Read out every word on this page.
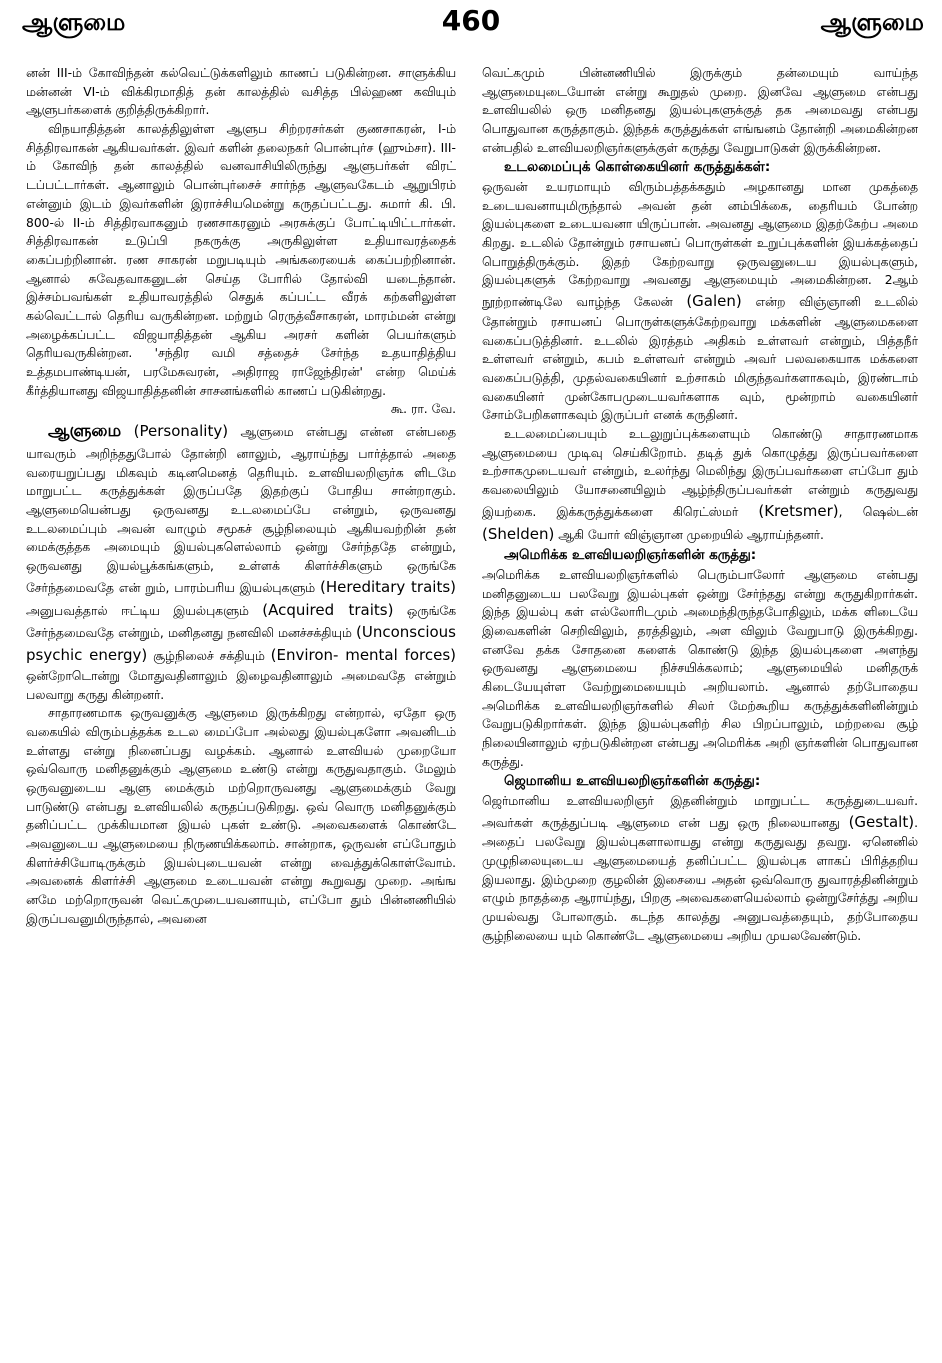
ஆளுமை	460	ஆளுமை

னன் III-ம் கோவிந்தன் கல்வெட்டுக்களிலும் காணப் படுகின்றன. சாளுக்கிய மன்னன் VI-ம் விக்கிரமாதித் தன் காலத்தில் வசித்த பில்ஹண கவியும் ஆளுபர்களைக் குறித்திருக்கிறார்.

விநயாதித்தன் காலத்திலுள்ள ஆளுப சிற்றரசர்கள் குணசாகரன், I-ம் சித்திரவாகன் ஆகியவர்கள். இவர் களின் தலைநகர் பொன்புர்ச (ஹும்சா). III-ம் கோவிந் தன் காலத்தில் வனவாசியிலிருந்து ஆளுபர்கள் விரட் டப்பட்டார்கள். ஆனாலும் பொன்புர்சைச் சார்ந்த ஆளுவகேடம் ஆறுபிரம் என்னும் இடம் இவர்களின் இராச்சியமென்று கருதப்பட்டது. சுமார் கி. பி. 800-ல் II-ம் சித்திரவாகனும் ரணசாகரனும் அரசுக்குப் போட்டியிட்டார்கள். சித்திரவாகன் உடுப்பி நகருக்கு அருகிலுள்ள உதியாவரத்தைக் கைப்பற்றினான். ரண சாகரன் மறுபடியும் அங்கரையைக் கைப்பற்றினான். ஆனால் சுவேதவாகனுடன் செய்த போரில் தோல்வி யடைந்தான். இச்சம்பவங்கள் உதியாவரத்தில் செதுக் கப்பட்ட வீரக் கற்களிலுள்ள கல்வெட்டால் தெரிய வருகின்றன. மற்றும் ரெருத்வீசாகரன், மாரம்மன் என்று அழைக்கப்பட்ட விஜயாதித்தன் ஆகிய அரசர் களின் பெயர்களும் தெரியவருகின்றன. 'சந்திர வமி சத்தைச் சேர்ந்த உதயாதித்திய உத்தமபாண்டியன், பரமேசுவரன், அதிராஜ ராஜேந்திரன்' என்ற மெய்க் கீர்த்தியானது விஜயாதித்தனின் சாசனங்களில் காணப் படுகின்றது.

கூ. ரா. வே.

ஆளுமை (Personality) ஆளுமை என்பது என்ன என்பதை யாவரும் அறிந்ததுபோல் தோன்றி னாலும், ஆராய்ந்து பார்த்தால் அதை வரையறுப்பது மிகவும் கடினமெனத் தெரியும். உளவியலறிஞர்க ளிடமே மாறுபட்ட கருத்துக்கள் இருப்பதே இதற்குப் போதிய சான்றாகும். ஆளுமையென்பது ஒருவனது உடலமைப்பே என்றும், ஒருவனது உடலமைப்பும் அவன் வாழும் சமூகச் சூழ்நிலையும் ஆகியவற்றின் தன் மைக்குத்தக அமையும் இயல்புகளெல்லாம் ஒன்று சேர்ந்ததே என்றும், ஒருவனது இயல்பூக்கங்களும், உள்ளக் கிளர்ச்சிகளும் ஒருங்கே சேர்ந்தமைவதே என் றும், பாரம்பரிய இயல்புகளும் (Hereditary traits) அனுபவத்தால் ஈட்டிய இயல்புகளும் (Acquired traits) ஒருங்கே சேர்ந்தமைவதே என்றும், மனிதனது நனவிலி மனச்சக்தியும் (Unconscious psychic energy) சூழ்நிலைச் சக்தியும் (Environ- mental forces) ஒன்றோடொன்று மோதுவதினாலும் இழைவதினாலும் அமைவதே என்றும் பலவாறு கருது கின்றனர்.

சாதாரணமாக ஒருவனுக்கு ஆளுமை இருக்கிறது என்றால், ஏதோ ஒரு வகையில் விரும்பத்தக்க உடல மைப்போ அல்லது இயல்புகளோ அவனிடம் உள்ளது என்று நினைப்பது வழக்கம். ஆனால் உளவியல் முறையோ ஒவ்வொரு மனிதனுக்கும் ஆளுமை உண்டு என்று கருதுவதாகும். மேலும் ஒருவனுடைய ஆளு மைக்கும் மற்றொருவனது ஆளுமைக்கும் வேறு பாடுண்டு என்பது உளவியலில் கருதப்படுகிறது. ஒவ் வொரு மனிதனுக்கும் தனிப்பட்ட முக்கியமான இயல் புகள் உண்டு. அவைகளைக் கொண்டே அவனுடைய ஆளுமையை நிருணயிக்கலாம். சான்றாக, ஒருவன் எப்போதும் கிளர்ச்சியோடிருக்கும் இயல்புடையவன் என்று வைத்துக்கொள்வோம். அவனைக் கிளர்ச்சி ஆளுமை உடையவன் என்று கூறுவது முறை. அங்ங னமே மற்றொருவன் வெட்கமுடையவனாயும், எப்போ தும் பின்னணியில் இருப்பவனுமிருந்தால், அவனை

வெட்கமும் பின்னணியில் இருக்கும் தன்மையும் வாய்ந்த ஆளுமையுடையோன் என்று கூறுதல் முறை. இனவே ஆளுமை என்பது உளவியலில் ஒரு மனிதனது இயல்புகளுக்குத் தக அமைவது என்பது பொதுவான கருத்தாகும். இந்தக் கருத்துக்கள் எங்ஙனம் தோன்றி அமைகின்றன என்பதில் உளவியலறிஞர்களுக்குள் கருத்து வேறுபாடுகள் இருக்கின்றன.

உடலமைப்புக் கொள்கையினர் கருத்துக்கள்:

ஒருவன் உயரமாயும் விரும்பத்தக்கதும் அழகானது மான முகத்தை உடையவனாயுமிருந்தால் அவன் தன் னம்பிக்கை, தைரியம் போன்ற இயல்புகளை உடையவனா யிருப்பான். அவனது ஆளுமை இதற்கேற்ப அமை கிறது. உடலில் தோன்றும் ரசாயனப் பொருள்கள் உறுப்புக்களின் இயக்கத்தைப் பொறுத்திருக்கும். இதற் கேற்றவாறு ஒருவனுடைய இயல்புகளும், இயல்புகளுக் கேற்றவாறு அவனது ஆளுமையும் அமைகின்றன. 2ஆம் நூற்றாண்டிலே வாழ்ந்த கேலன் (Galen) என்ற விஞ்ஞானி உடலில் தோன்றும் ரசாயனப் பொருள்களுக்கேற்றவாறு மக்களின் ஆளுமைகளை வகைப்படுத்தினர். உடலில் இரத்தம் அதிகம் உள்ளவர் என்றும், பித்தநீர் உள்ளவர் என்றும், கபம் உள்ளவர் என்றும் அவர் பலவகையாக மக்களை வகைப்படுத்தி, முதல்வகையினர் உற்சாகம் மிகுந்தவர்களாகவும், இரண்டாம் வகையினர் முன்கோபமுடையவர்களாக வும், மூன்றாம் வகையினர் சோம்பேறிகளாகவும் இருப்பர் எனக் கருதினர்.

உடலமைப்பையும் உடலுறுப்புக்களையும் கொண்டு சாதாரணமாக ஆளுமையை முடிவு செய்கிறோம். தடித் துக் கொழுத்து இருப்பவர்களை உற்சாகமுடையவர் என்றும், உலர்ந்து மெலிந்து இருப்பவர்களை எப்போ தும் கவலையிலும் யோசனையிலும் ஆழ்ந்திருப்பவர்கள் என்றும் கருதுவது இயற்கை. இக்கருத்துக்களை கிரெட்ஸ்மர் (Kretsmer), ஷெல்டன் (Shelden) ஆகி யோர் விஞ்ஞான முறையில் ஆராய்ந்தனர்.

அமெரிக்க உளவியலறிஞர்களின் கருத்து:

அமெரிக்க உளவியலறிஞர்களில் பெரும்பாலோர் ஆளுமை என்பது மனிதனுடைய பலவேறு இயல்புகள் ஒன்று சேர்ந்தது என்று கருதுகிறார்கள். இந்த இயல்பு கள் எல்லோரிடமும் அமைந்திருந்தபோதிலும், மக்க ளிடையே இவைகளின் செறிவிலும், தரத்திலும், அள விலும் வேறுபாடு இருக்கிறது. எனவே தக்க சோதனை களைக் கொண்டு இந்த இயல்புகளை அளந்து ஒருவனது ஆளுமையை நிச்சயிக்கலாம்; ஆளுமையில் மனிதருக் கிடையேயுள்ள வேற்றுமையையும் அறியலாம். ஆனால் தற்போதைய அமெரிக்க உளவியலறிஞர்களில் சிலர் மேற்கூறிய கருத்துக்களினின்றும் வேறுபடுகிறார்கள். இந்த இயல்புகளிற் சில பிறப்பாலும், மற்றவை சூழ் நிலையினாலும் ஏற்படுகின்றன என்பது அமெரிக்க அறி ஞர்களின் பொதுவான கருத்து.

ஜெமானிய உளவியலறிஞர்களின் கருத்து:

ஜெர்மானிய உளவியலறிஞர் இதனின்றும் மாறுபட்ட கருத்துடையவர். அவர்கள் கருத்துப்படி ஆளுமை என் பது ஒரு நிலையானது (Gestalt). அதைப் பலவேறு இயல்புகளாலாயது என்று கருதுவது தவறு. ஏனெனில் முழுநிலையுடைய ஆளுமையைத் தனிப்பட்ட இயல்புக ளாகப் பிரித்தறிய இயலாது. இம்முறை குழலின் இசையை அதன் ஒவ்வொரு துவாரத்தினின்றும் எழும் நாதத்தை ஆராய்ந்து, பிறகு அவைகளையெல்லாம் ஒன்றுசேர்த்து அறிய முயல்வது போலாகும். கடந்த காலத்து அனுபவத்தையும், தற்போதைய சூழ்நிலையை யும் கொண்டே ஆளுமையை அறிய முயலவேண்டும்.
